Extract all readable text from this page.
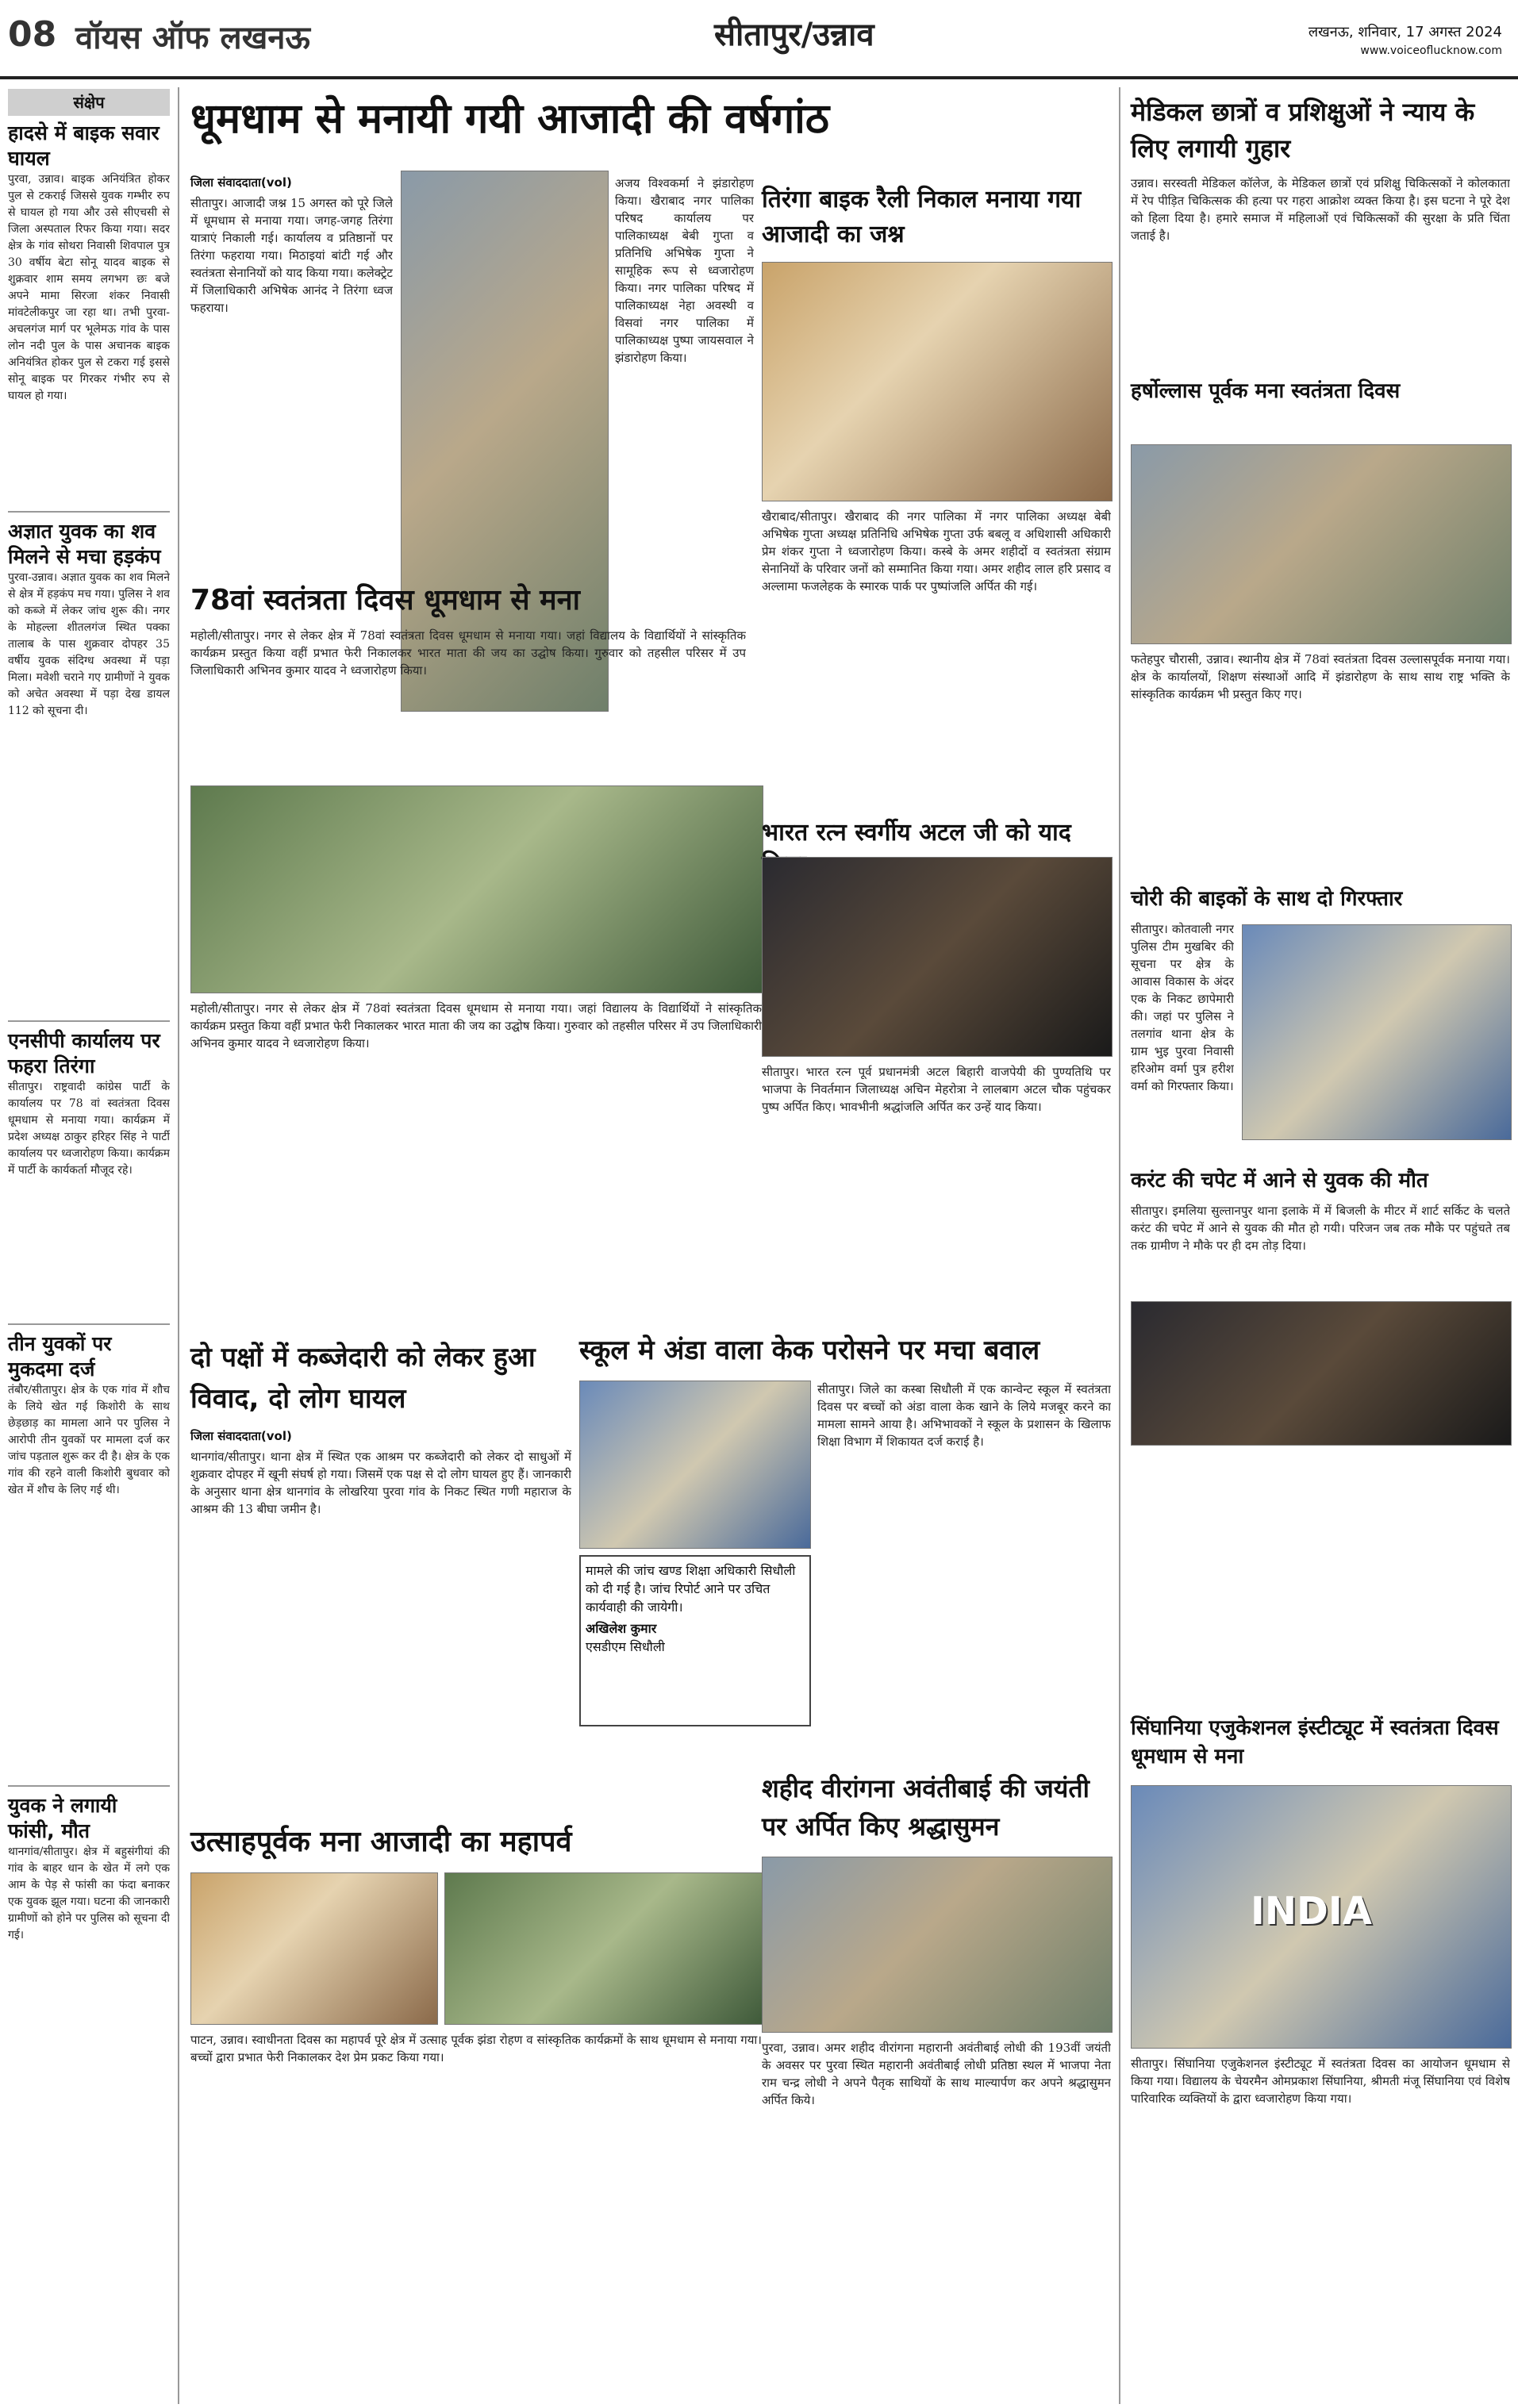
08 वॉयस ऑफ लखनऊ	सीतापुर/उन्नाव	लखनऊ, शनिवार, 17 अगस्त 2024
www.voiceoflucknow.com
संक्षेप
हादसे में बाइक सवार घायल
पुरवा, उन्नाव। बाइक अनियंत्रित होकर पुल से टकराई जिससे युवक गम्भीर रुप से घायल हो गया और उसे सीएचसी से जिला अस्पताल रिफर किया गया। सदर क्षेत्र के गांव सोथरा निवासी शिवपाल पुत्र 30 वर्षीय बेटा सोनू यादव बाइक से शुक्रवार शाम समय लगभग छः बजे अपने मामा सिरजा शंकर निवासी मांवटेलीकपुर जा रहा था। तभी पुरवा-अचलगंज मार्ग पर भूलेमऊ गांव के पास लोन नदी पुल के पास अचानक बाइक अनियंत्रित होकर पुल से टकरा गई इससे सोनू बाइक पर गिरकर गंभीर रुप से घायल हो गया।
अज्ञात युवक का शव मिलने से मचा हड़कंप
पुरवा-उन्नाव। अज्ञात युवक का शव मिलने से क्षेत्र में हड़कंप मच गया। पुलिस ने शव को कब्जे में लेकर जांच शुरू की। नगर के मोहल्ला शीतलगंज स्थित पक्का तालाब के पास शुक्रवार दोपहर 35 वर्षीय युवक संदिग्ध अवस्था में पड़ा मिला। मवेशी चराने गए ग्रामीणों ने युवक को अचेत अवस्था में पड़ा देख डायल 112 को सूचना दी।
एनसीपी कार्यालय पर फहरा तिरंगा
सीतापुर। राष्ट्रवादी कांग्रेस पार्टी के कार्यालय पर 78 वां स्वतंत्रता दिवस धूमधाम से मनाया गया। कार्यक्रम में प्रदेश अध्यक्ष ठाकुर हरिहर सिंह ने पार्टी कार्यालय पर ध्वजारोहण किया। कार्यक्रम में पार्टी के कार्यकर्ता मौजूद रहे।
तीन युवकों पर मुकदमा दर्ज
तंबौर/सीतापुर। क्षेत्र के एक गांव में शौच के लिये खेत गई किशोरी के साथ छेड़छाड़ का मामला आने पर पुलिस ने आरोपी तीन युवकों पर मामला दर्ज कर जांच पड़ताल शुरू कर दी है। क्षेत्र के एक गांव की रहने वाली किशोरी बुधवार को खेत में शौच के लिए गई थी।
युवक ने लगायी फांसी, मौत
थानगांव/सीतापुर। क्षेत्र में बहुसंगीयां की गांव के बाहर धान के खेत में लगे एक आम के पेड़ से फांसी का फंदा बनाकर एक युवक झूल गया। घटना की जानकारी ग्रामीणों को होने पर पुलिस को सूचना दी गई।
धूमधाम से मनायी गयी आजादी की वर्षगांठ
जिला संवाददाता(vol)
सीतापुर। आजादी जश्न 15 अगस्त को पूरे जिले में धूमधाम से मनाया गया। जगह-जगह तिरंगा यात्राएं निकाली गई। कार्यालय व प्रतिष्ठानों पर तिरंगा फहराया गया। मिठाइयां बांटी गई और स्वतंत्रता सेनानियों को याद किया गया। कलेक्ट्रेट में जिलाधिकारी अभिषेक आनंद ने तिरंगा ध्वज फहराया।
अजय विश्वकर्मा ने झंडारोहण किया। खैराबाद नगर पालिका परिषद कार्यालय पर पालिकाध्यक्ष बेबी गुप्ता व प्रतिनिधि अभिषेक गुप्ता ने सामूहिक रूप से ध्वजारोहण किया। नगर पालिका परिषद में पालिकाध्यक्ष नेहा अवस्थी व विसवां नगर पालिका में पालिकाध्यक्ष पुष्पा जायसवाल ने झंडारोहण किया।
तिरंगा बाइक रैली निकाल मनाया गया आजादी का जश्न
खैराबाद/सीतापुर। खैराबाद की नगर पालिका में नगर पालिका अध्यक्ष बेबी अभिषेक गुप्ता अध्यक्ष प्रतिनिधि अभिषेक गुप्ता उर्फ बबलू व अधिशासी अधिकारी प्रेम शंकर गुप्ता ने ध्वजारोहण किया। कस्बे के अमर शहीदों व स्वतंत्रता संग्राम सेनानियों के परिवार जनों को सम्मानित किया गया। अमर शहीद लाल हरि प्रसाद व अल्लामा फजलेहक के स्मारक पार्क पर पुष्पांजलि अर्पित की गई।
78वां स्वतंत्रता दिवस धूमधाम से मना
महोली/सीतापुर। नगर से लेकर क्षेत्र में 78वां स्वतंत्रता दिवस धूमधाम से मनाया गया। जहां विद्यालय के विद्यार्थियों ने सांस्कृतिक कार्यक्रम प्रस्तुत किया वहीं प्रभात फेरी निकालकर भारत माता की जय का उद्घोष किया। गुरुवार को तहसील परिसर में उप जिलाधिकारी अभिनव कुमार यादव ने ध्वजारोहण किया।
महोली/सीतापुर। नगर से लेकर क्षेत्र में 78वां स्वतंत्रता दिवस धूमधाम से मनाया गया। जहां विद्यालय के विद्यार्थियों ने सांस्कृतिक कार्यक्रम प्रस्तुत किया वहीं प्रभात फेरी निकालकर भारत माता की जय का उद्घोष किया। गुरुवार को तहसील परिसर में उप जिलाधिकारी अभिनव कुमार यादव ने ध्वजारोहण किया।
भारत रत्न स्वर्गीय अटल जी को याद
सीतापुर। भारत रत्न पूर्व प्रधानमंत्री अटल बिहारी वाजपेयी की पुण्यतिथि पर भाजपा के निवर्तमान जिलाध्यक्ष अचिन मेहरोत्रा ने लालबाग अटल चौक पहुंचकर पुष्प अर्पित किए। भावभीनी श्रद्धांजलि अर्पित कर उन्हें याद किया।
दो पक्षों में कब्जेदारी को लेकर हुआ विवाद, दो लोग घायल
जिला संवाददाता(vol)
थानगांव/सीतापुर। थाना क्षेत्र में स्थित एक आश्रम पर कब्जेदारी को लेकर दो साधुओं में शुक्रवार दोपहर में खूनी संघर्ष हो गया। जिसमें एक पक्ष से दो लोग घायल हुए हैं। जानकारी के अनुसार थाना क्षेत्र थानगांव के लोखरिया पुरवा गांव के निकट स्थित गणी महाराज के आश्रम की 13 बीघा जमीन है।
स्कूल मे अंडा वाला केक परोसने पर मचा बवाल
सीतापुर। जिले का कस्बा सिधौली में एक कान्वेन्ट स्कूल में स्वतंत्रता दिवस पर बच्चों को अंडा वाला केक खाने के लिये मजबूर करने का मामला सामने आया है। अभिभावकों ने स्कूल के प्रशासन के खिलाफ शिक्षा विभाग में शिकायत दर्ज कराई है।
मामले की जांच खण्ड शिक्षा अधिकारी सिधौली को दी गई है। जांच रिपोर्ट आने पर उचित कार्यवाही की जायेगी।
अखिलेश कुमार
एसडीएम सिधौली
उत्साहपूर्वक मना आजादी का महापर्व
पाटन, उन्नाव। स्वाधीनता दिवस का महापर्व पूरे क्षेत्र में उत्साह पूर्वक झंडा रोहण व सांस्कृतिक कार्यक्रमों के साथ धूमधाम से मनाया गया। बच्चों द्वारा प्रभात फेरी निकालकर देश प्रेम प्रकट किया गया।
शहीद वीरांगना अवंतीबाई की जयंती पर अर्पित किए श्रद्धासुमन
पुरवा, उन्नाव। अमर शहीद वीरांगना महारानी अवंतीबाई लोधी की 193वीं जयंती के अवसर पर पुरवा स्थित महारानी अवंतीबाई लोधी प्रतिष्ठा स्थल में भाजपा नेता राम चन्द्र लोधी ने अपने पैतृक साथियों के साथ माल्यार्पण कर अपने श्रद्धासुमन अर्पित किये।
मेडिकल छात्रों व प्रशिक्षुओं ने न्याय के लिए लगायी गुहार
उन्नाव। सरस्वती मेडिकल कॉलेज, के मेडिकल छात्रों एवं प्रशिक्षु चिकित्सकों ने कोलकाता में रेप पीड़ित चिकित्सक की हत्या पर गहरा आक्रोश व्यक्त किया है। इस घटना ने पूरे देश को हिला दिया है। हमारे समाज में महिलाओं एवं चिकित्सकों की सुरक्षा के प्रति चिंता जताई है।
हर्षोल्लास पूर्वक मना स्वतंत्रता दिवस
फतेहपुर चौरासी, उन्नाव। स्थानीय क्षेत्र में 78वां स्वतंत्रता दिवस उल्लासपूर्वक मनाया गया। क्षेत्र के कार्यालयों, शिक्षण संस्थाओं आदि में झंडारोहण के साथ साथ राष्ट्र भक्ति के सांस्कृतिक कार्यक्रम भी प्रस्तुत किए गए।
चोरी की बाइकों के साथ दो गिरफ्तार
सीतापुर। कोतवाली नगर पुलिस टीम मुखबिर की सूचना पर क्षेत्र के आवास विकास के अंदर एक के निकट छापेमारी की। जहां पर पुलिस ने तलगांव थाना क्षेत्र के ग्राम भुइ पुरवा निवासी हरिओम वर्मा पुत्र हरीश वर्मा को गिरफ्तार किया।
करंट की चपेट में आने से युवक की मौत
सीतापुर। इमलिया सुल्तानपुर थाना इलाके में में बिजली के मीटर में शार्ट सर्किट के चलते करंट की चपेट में आने से युवक की मौत हो गयी। परिजन जब तक मौके पर पहुंचते तब तक ग्रामीण ने मौके पर ही दम तोड़ दिया।
सिंघानिया एजुकेशनल इंस्टीट्यूट में स्वतंत्रता दिवस धूमधाम से मना
INDIA
सीतापुर। सिंघानिया एजुकेशनल इंस्टीट्यूट में स्वतंत्रता दिवस का आयोजन धूमधाम से किया गया। विद्यालय के चेयरमैन ओमप्रकाश सिंघानिया, श्रीमती मंजू सिंघानिया एवं विशेष पारिवारिक व्यक्तियों के द्वारा ध्वजारोहण किया गया।
